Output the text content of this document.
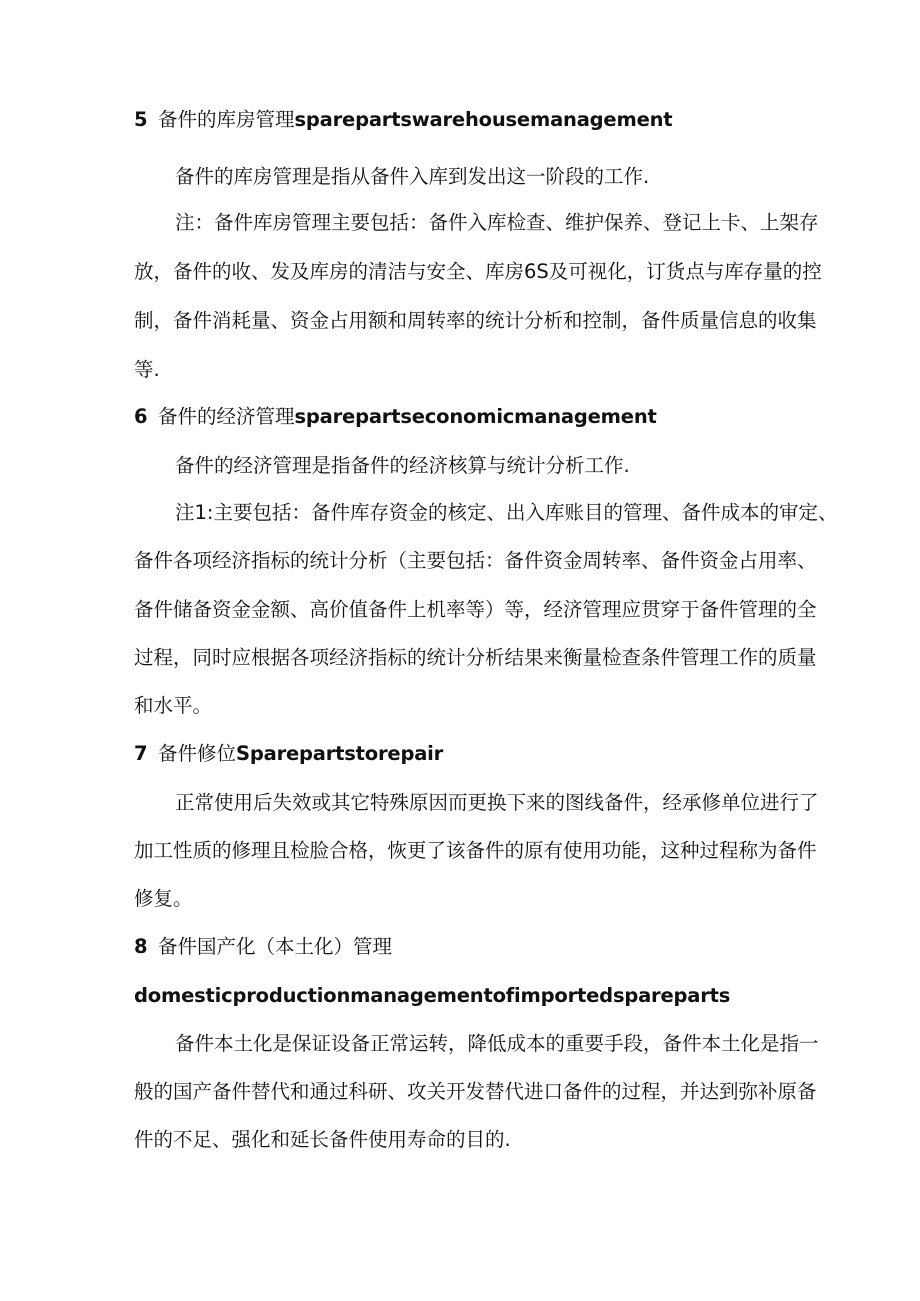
5 备件的库房管理sparepartswarehousemanagement
备件的库房管理是指从备件入库到发出这一阶段的工作.
注：备件库房管理主要包括：备件入库检查、维护保养、登记上卡、上架存
放，备件的收、发及库房的清洁与安全、库房6S及可视化，订货点与库存量的控
制，备件消耗量、资金占用额和周转率的统计分析和控制，备件质量信息的收集
等.
6 备件的经济管理sparepartseconomicmanagement
备件的经济管理是指备件的经济核算与统计分析工作.
注1:主要包括：备件库存资金的核定、出入库账目的管理、备件成本的审定、
备件各项经济指标的统计分析（主要包括：备件资金周转率、备件资金占用率、
备件储备资金金额、高价值备件上机率等）等，经济管理应贯穿于备件管理的全
过程，同时应根据各项经济指标的统计分析结果来衡量检查条件管理工作的质量
和水平。
7 备件修位Sparepartstorepair
正常使用后失效或其它特殊原因而更换下来的图线备件，经承修单位进行了
加工性质的修理且检脸合格，恢更了该备件的原有使用功能，这种过程称为备件
修复。
8 备件国产化（本土化）管理
domesticproductionmanagementofimportedspareparts
备件本土化是保证设备正常运转，降低成本的重要手段，备件本土化是指一
般的国产备件替代和通过科研、攻关开发替代进口备件的过程，并达到弥补原备
件的不足、强化和延长备件使用寿命的目的.
